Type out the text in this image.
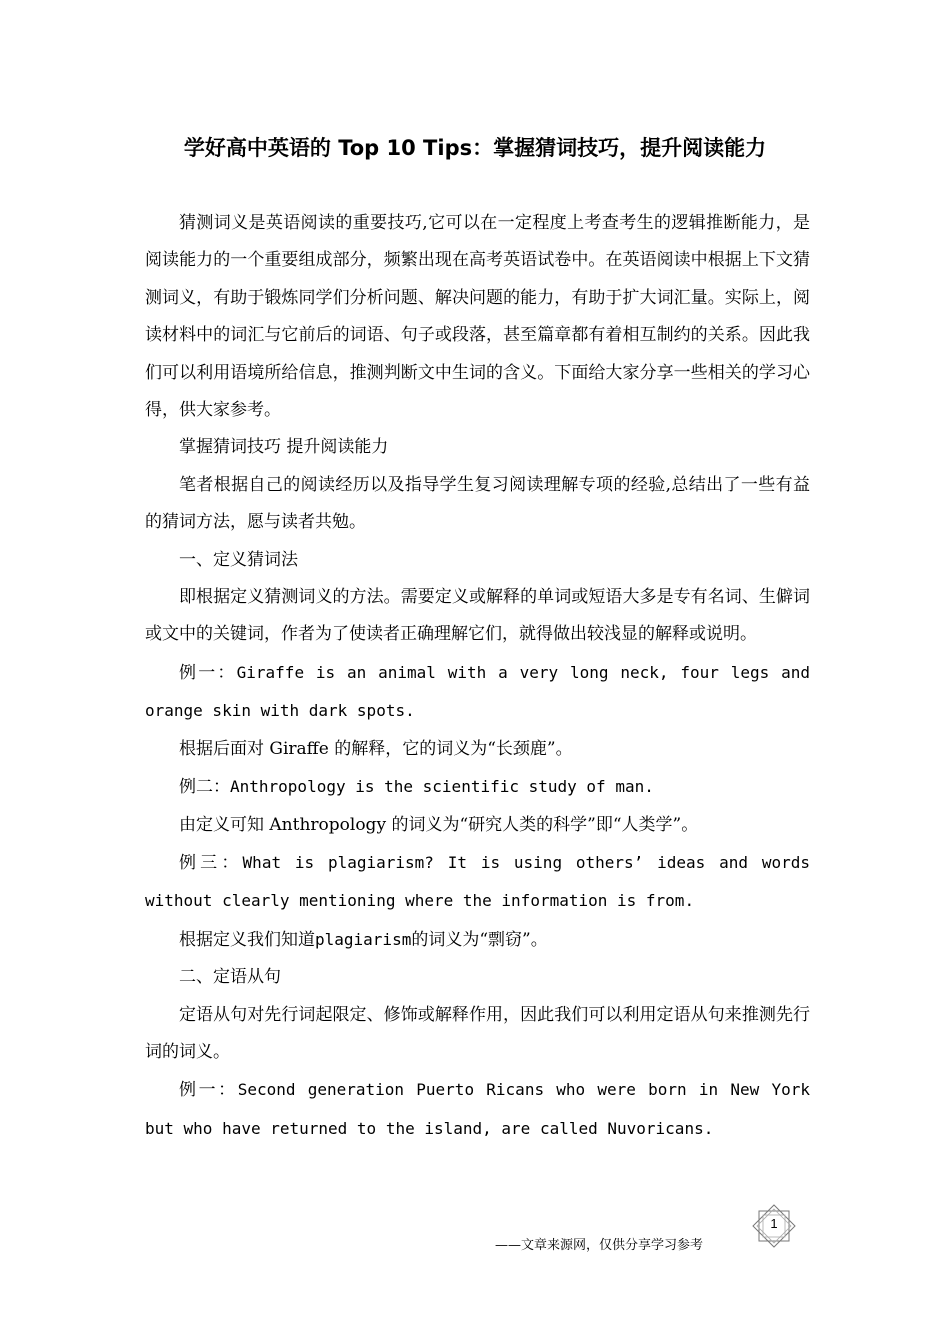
学好高中英语的 Top 10 Tips：掌握猜词技巧，提升阅读能力

猜测词义是英语阅读的重要技巧,它可以在一定程度上考查考生的逻辑推断能力，是阅读能力的一个重要组成部分，频繁出现在高考英语试卷中。在英语阅读中根据上下文猜测词义，有助于锻炼同学们分析问题、解决问题的能力，有助于扩大词汇量。实际上，阅读材料中的词汇与它前后的词语、句子或段落，甚至篇章都有着相互制约的关系。因此我们可以利用语境所给信息，推测判断文中生词的含义。下面给大家分享一些相关的学习心得，供大家参考。

掌握猜词技巧 提升阅读能力

笔者根据自己的阅读经历以及指导学生复习阅读理解专项的经验,总结出了一些有益的猜词方法，愿与读者共勉。

一、定义猜词法

即根据定义猜测词义的方法。需要定义或解释的单词或短语大多是专有名词、生僻词或文中的关键词，作者为了使读者正确理解它们，就得做出较浅显的解释或说明。

例一：Giraffe is an animal with a very long neck, four legs and orange skin with dark spots.

根据后面对 Giraffe 的解释，它的词义为“长颈鹿”。

例二：Anthropology is the scientific study of man.

由定义可知 Anthropology 的词义为“研究人类的科学”即“人类学”。

例三：What is plagiarism? It is using others’ ideas and words without clearly mentioning where the information is from.

根据定义我们知道plagiarism的词义为“剽窃”。

二、定语从句

定语从句对先行词起限定、修饰或解释作用，因此我们可以利用定语从句来推测先行词的词义。

例一：Second generation Puerto Ricans who were born in New York but who have returned to the island, are called Nuvoricans.

——文章来源网，仅供分享学习参考
1
